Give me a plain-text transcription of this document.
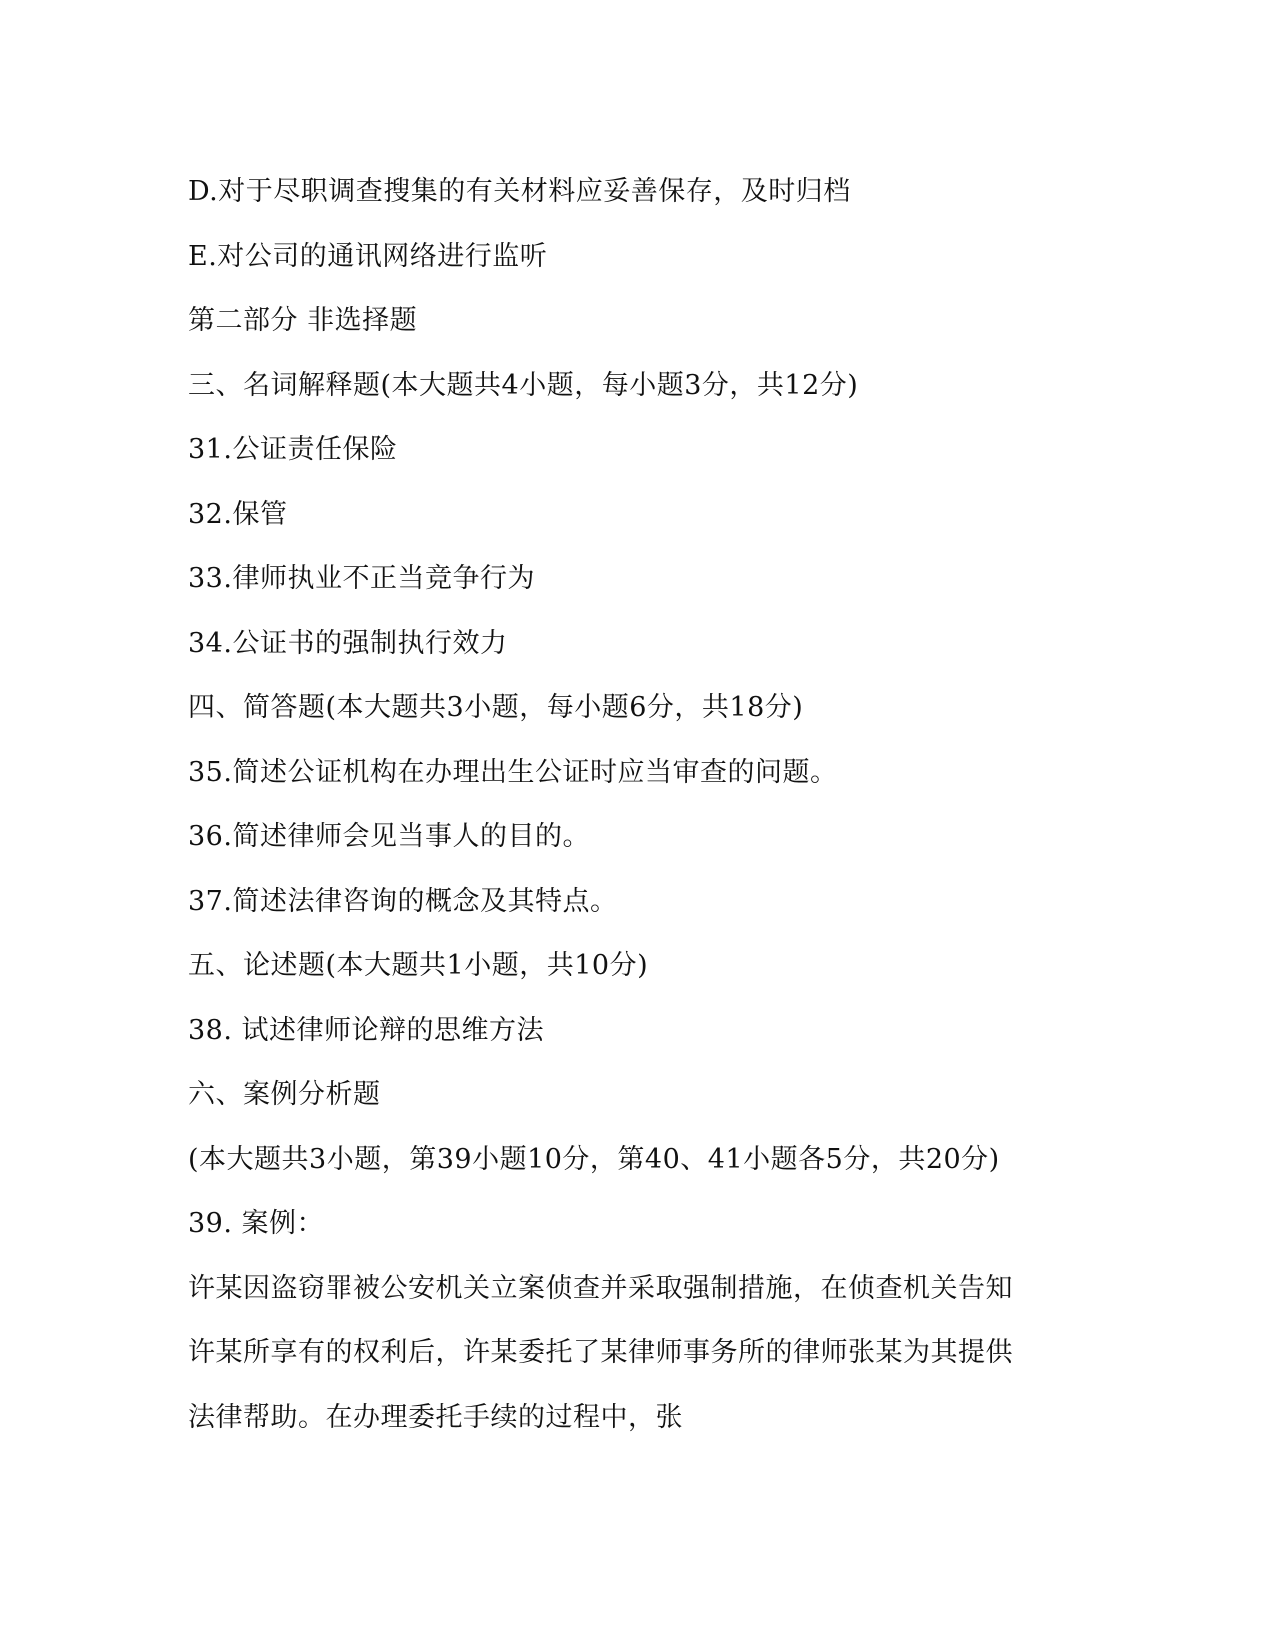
D.对于尽职调查搜集的有关材料应妥善保存，及时归档
E.对公司的通讯网络进行监听
第二部分 非选择题
三、名词解释题(本大题共4小题，每小题3分，共12分)
31.公证责任保险
32.保管
33.律师执业不正当竞争行为
34.公证书的强制执行效力
四、简答题(本大题共3小题，每小题6分，共18分)
35.简述公证机构在办理出生公证时应当审查的问题。
36.简述律师会见当事人的目的。
37.简述法律咨询的概念及其特点。
五、论述题(本大题共1小题，共10分)
38. 试述律师论辩的思维方法
六、案例分析题
(本大题共3小题，第39小题10分，第40、41小题各5分，共20分)
39. 案例：
许某因盗窃罪被公安机关立案侦查并采取强制措施，在侦查机关告知
许某所享有的权利后，许某委托了某律师事务所的律师张某为其提供
法律帮助。在办理委托手续的过程中，张
